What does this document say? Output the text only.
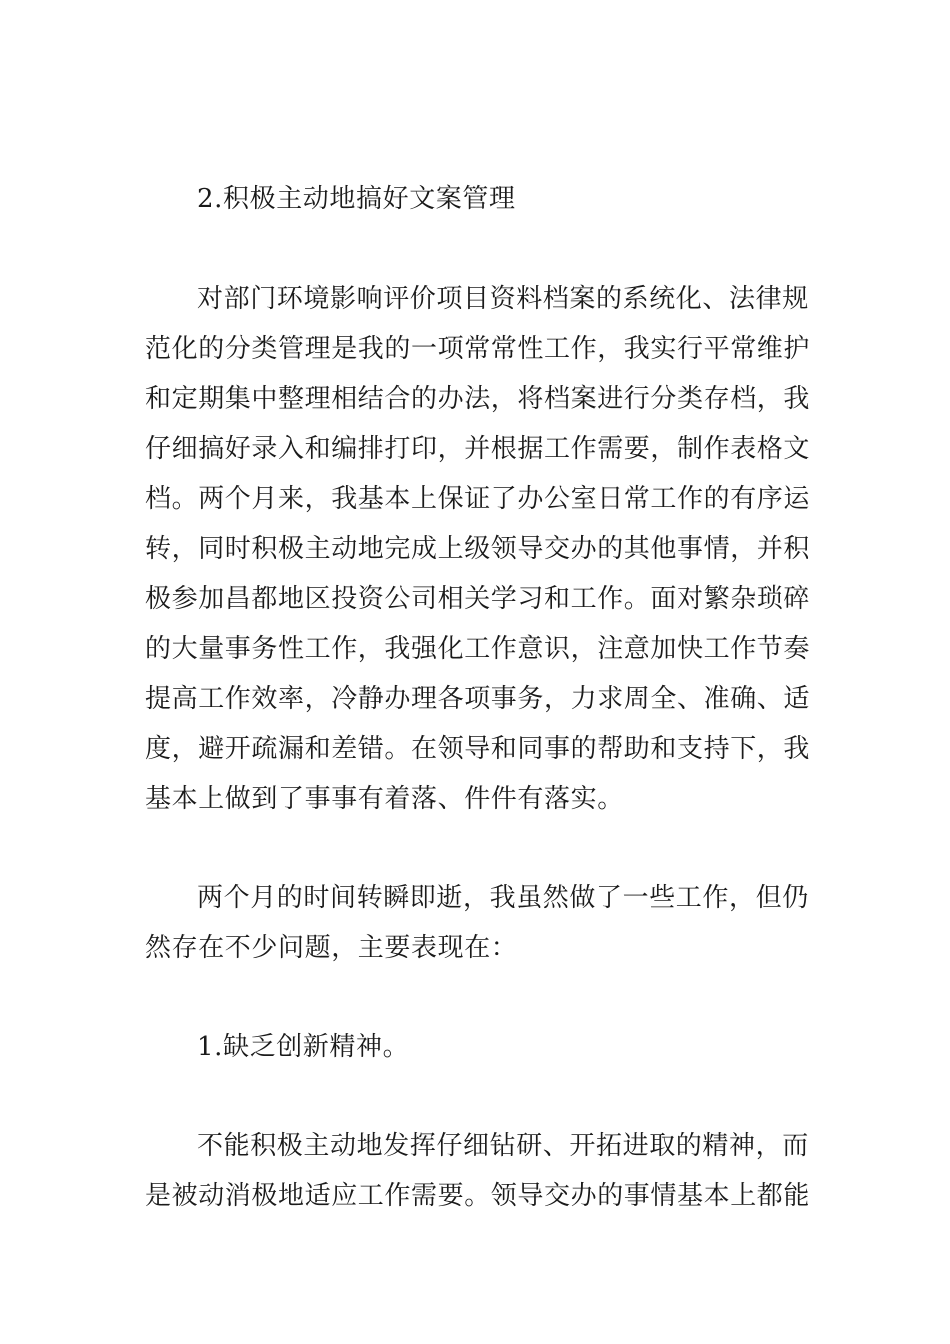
2.积极主动地搞好文案管理

对部门环境影响评价项目资料档案的系统化、法律规

范化的分类管理是我的一项常常性工作，我实行平常维护

和定期集中整理相结合的办法，将档案进行分类存档，我

仔细搞好录入和编排打印，并根据工作需要，制作表格文

档。两个月来，我基本上保证了办公室日常工作的有序运

转，同时积极主动地完成上级领导交办的其他事情，并积

极参加昌都地区投资公司相关学习和工作。面对繁杂琐碎

的大量事务性工作，我强化工作意识，注意加快工作节奏

提高工作效率，冷静办理各项事务，力求周全、准确、适

度，避开疏漏和差错。在领导和同事的帮助和支持下，我

基本上做到了事事有着落、件件有落实。

两个月的时间转瞬即逝，我虽然做了一些工作，但仍

然存在不少问题，主要表现在：

1.缺乏创新精神。

不能积极主动地发挥仔细钻研、开拓进取的精神，而

是被动消极地适应工作需要。领导交办的事情基本上都能
